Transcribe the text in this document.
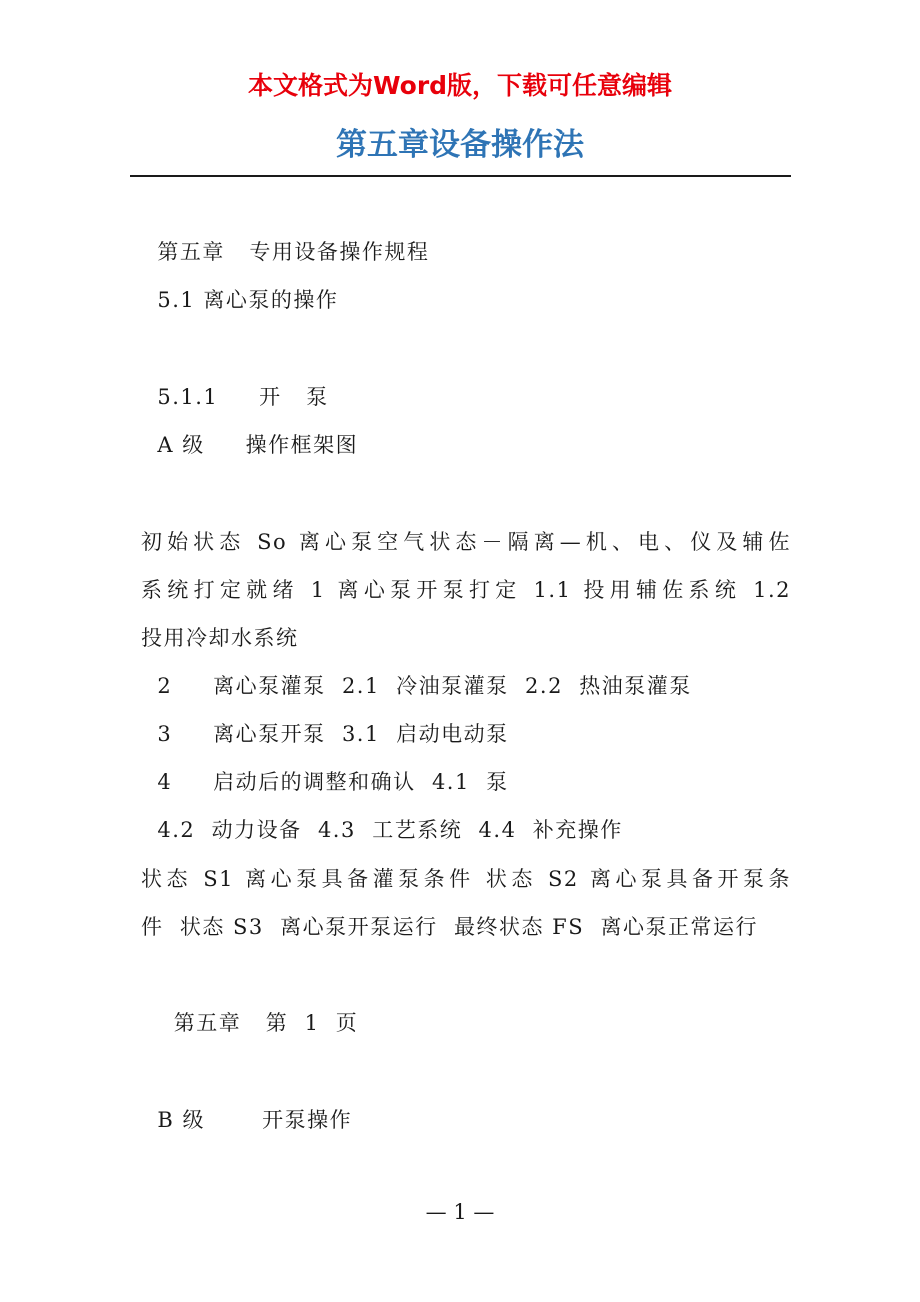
本文格式为Word版，下载可任意编辑
第五章设备操作法
第五章   专用设备操作规程
5.1 离心泵的操作
5.1.1     开   泵
A 级     操作框架图
初始状态 So 离心泵空气状态－隔离—机、电、仪及辅佐
系统打定就绪 1 离心泵开泵打定 1.1 投用辅佐系统 1.2
投用冷却水系统
2     离心泵灌泵  2.1  冷油泵灌泵  2.2  热油泵灌泵
3     离心泵开泵  3.1  启动电动泵
4     启动后的调整和确认  4.1  泵
4.2  动力设备  4.3  工艺系统  4.4  补充操作
状态 S1 离心泵具备灌泵条件 状态 S2 离心泵具备开泵条
件  状态 S3  离心泵开泵运行  最终状态 FS  离心泵正常运行
第五章   第  1  页
B 级       开泵操作
— 1 —
